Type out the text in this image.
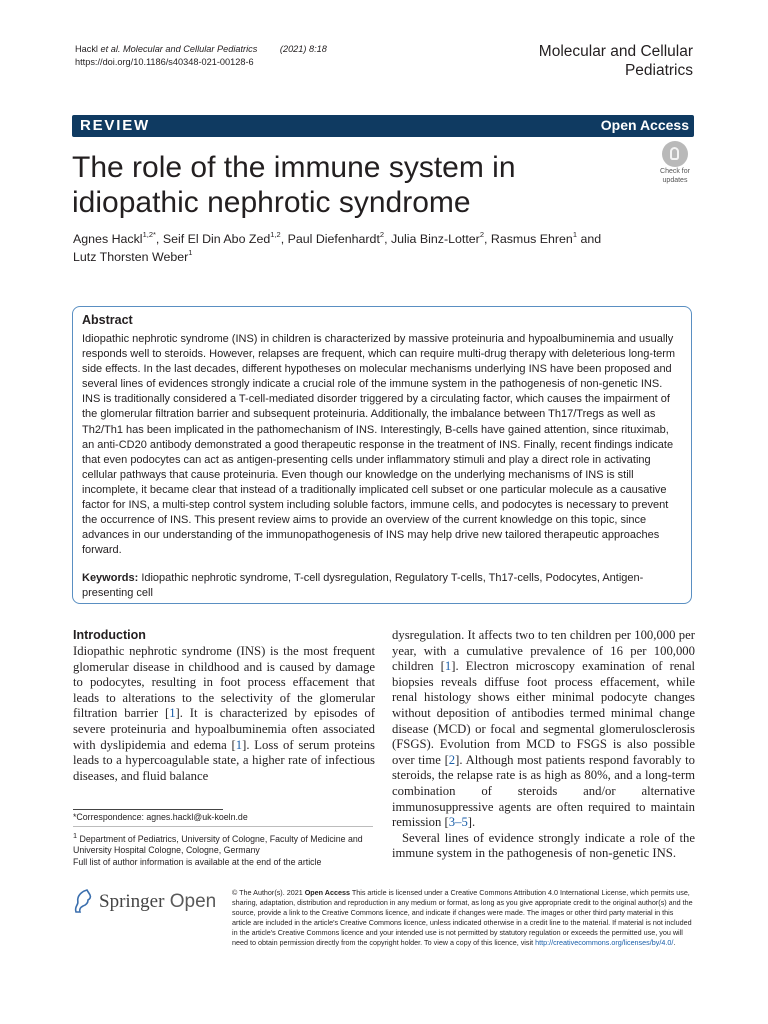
Hackl et al. Molecular and Cellular Pediatrics (2021) 8:18
https://doi.org/10.1186/s40348-021-00128-6
Molecular and Cellular
Pediatrics
REVIEW	Open Access
The role of the immune system in idiopathic nephrotic syndrome
Check for
updates
Agnes Hackl$^{1,2*}$, Seif El Din Abo Zed$^{1,2}$, Paul Diefenhardt$^2$, Julia Binz-Lotter$^2$, Rasmus Ehren$^1$ and
Lutz Thorsten Weber$^1$
Abstract
Idiopathic nephrotic syndrome (INS) in children is characterized by massive proteinuria and hypoalbuminemia and usually responds well to steroids. However, relapses are frequent, which can require multi-drug therapy with deleterious long-term side effects. In the last decades, different hypotheses on molecular mechanisms underlying INS have been proposed and several lines of evidences strongly indicate a crucial role of the immune system in the pathogenesis of non-genetic INS. INS is traditionally considered a T-cell-mediated disorder triggered by a circulating factor, which causes the impairment of the glomerular filtration barrier and subsequent proteinuria. Additionally, the imbalance between Th17/Tregs as well as Th2/Th1 has been implicated in the pathomechanism of INS. Interestingly, B-cells have gained attention, since rituximab, an anti-CD20 antibody demonstrated a good therapeutic response in the treatment of INS. Finally, recent findings indicate that even podocytes can act as antigen-presenting cells under inflammatory stimuli and play a direct role in activating cellular pathways that cause proteinuria. Even though our knowledge on the underlying mechanisms of INS is still incomplete, it became clear that instead of a traditionally implicated cell subset or one particular molecule as a causative factor for INS, a multi-step control system including soluble factors, immune cells, and podocytes is necessary to prevent the occurrence of INS. This present review aims to provide an overview of the current knowledge on this topic, since advances in our understanding of the immunopathogenesis of INS may help drive new tailored therapeutic approaches forward.
Keywords: Idiopathic nephrotic syndrome, T-cell dysregulation, Regulatory T-cells, Th17-cells, Podocytes, Antigen-presenting cell
Introduction
Idiopathic nephrotic syndrome (INS) is the most frequent glomerular disease in childhood and is caused by damage to podocytes, resulting in foot process effacement that leads to alterations to the selectivity of the glomerular filtration barrier [1]. It is characterized by episodes of severe proteinuria and hypoalbuminemia often associated with dyslipidemia and edema [1]. Loss of serum proteins leads to a hypercoagulable state, a higher rate of infectious diseases, and fluid balance
dysregulation. It affects two to ten children per 100,000 per year, with a cumulative prevalence of 16 per 100,000 children [1]. Electron microscopy examination of renal biopsies reveals diffuse foot process effacement, while renal histology shows either minimal podocyte changes without deposition of antibodies termed minimal change disease (MCD) or focal and segmental glomerulosclerosis (FSGS). Evolution from MCD to FSGS is also possible over time [2]. Although most patients respond favorably to steroids, the relapse rate is as high as 80%, and a long-term combination of steroids and/or alternative immunosuppressive agents are often required to maintain remission [3–5].
Several lines of evidence strongly indicate a role of the immune system in the pathogenesis of non-genetic INS.
*Correspondence: agnes.hackl@uk-koeln.de
$^1$ Department of Pediatrics, University of Cologne, Faculty of Medicine and University Hospital Cologne, Cologne, Germany
Full list of author information is available at the end of the article
Springer Open © The Author(s). 2021 Open Access This article is licensed under a Creative Commons Attribution 4.0 International License, which permits use, sharing, adaptation, distribution and reproduction in any medium or format, as long as you give appropriate credit to the original author(s) and the source, provide a link to the Creative Commons licence, and indicate if changes were made. The images or other third party material in this article are included in the article's Creative Commons licence, unless indicated otherwise in a credit line to the material. If material is not included in the article's Creative Commons licence and your intended use is not permitted by statutory regulation or exceeds the permitted use, you will need to obtain permission directly from the copyright holder. To view a copy of this licence, visit http://creativecommons.org/licenses/by/4.0/.
